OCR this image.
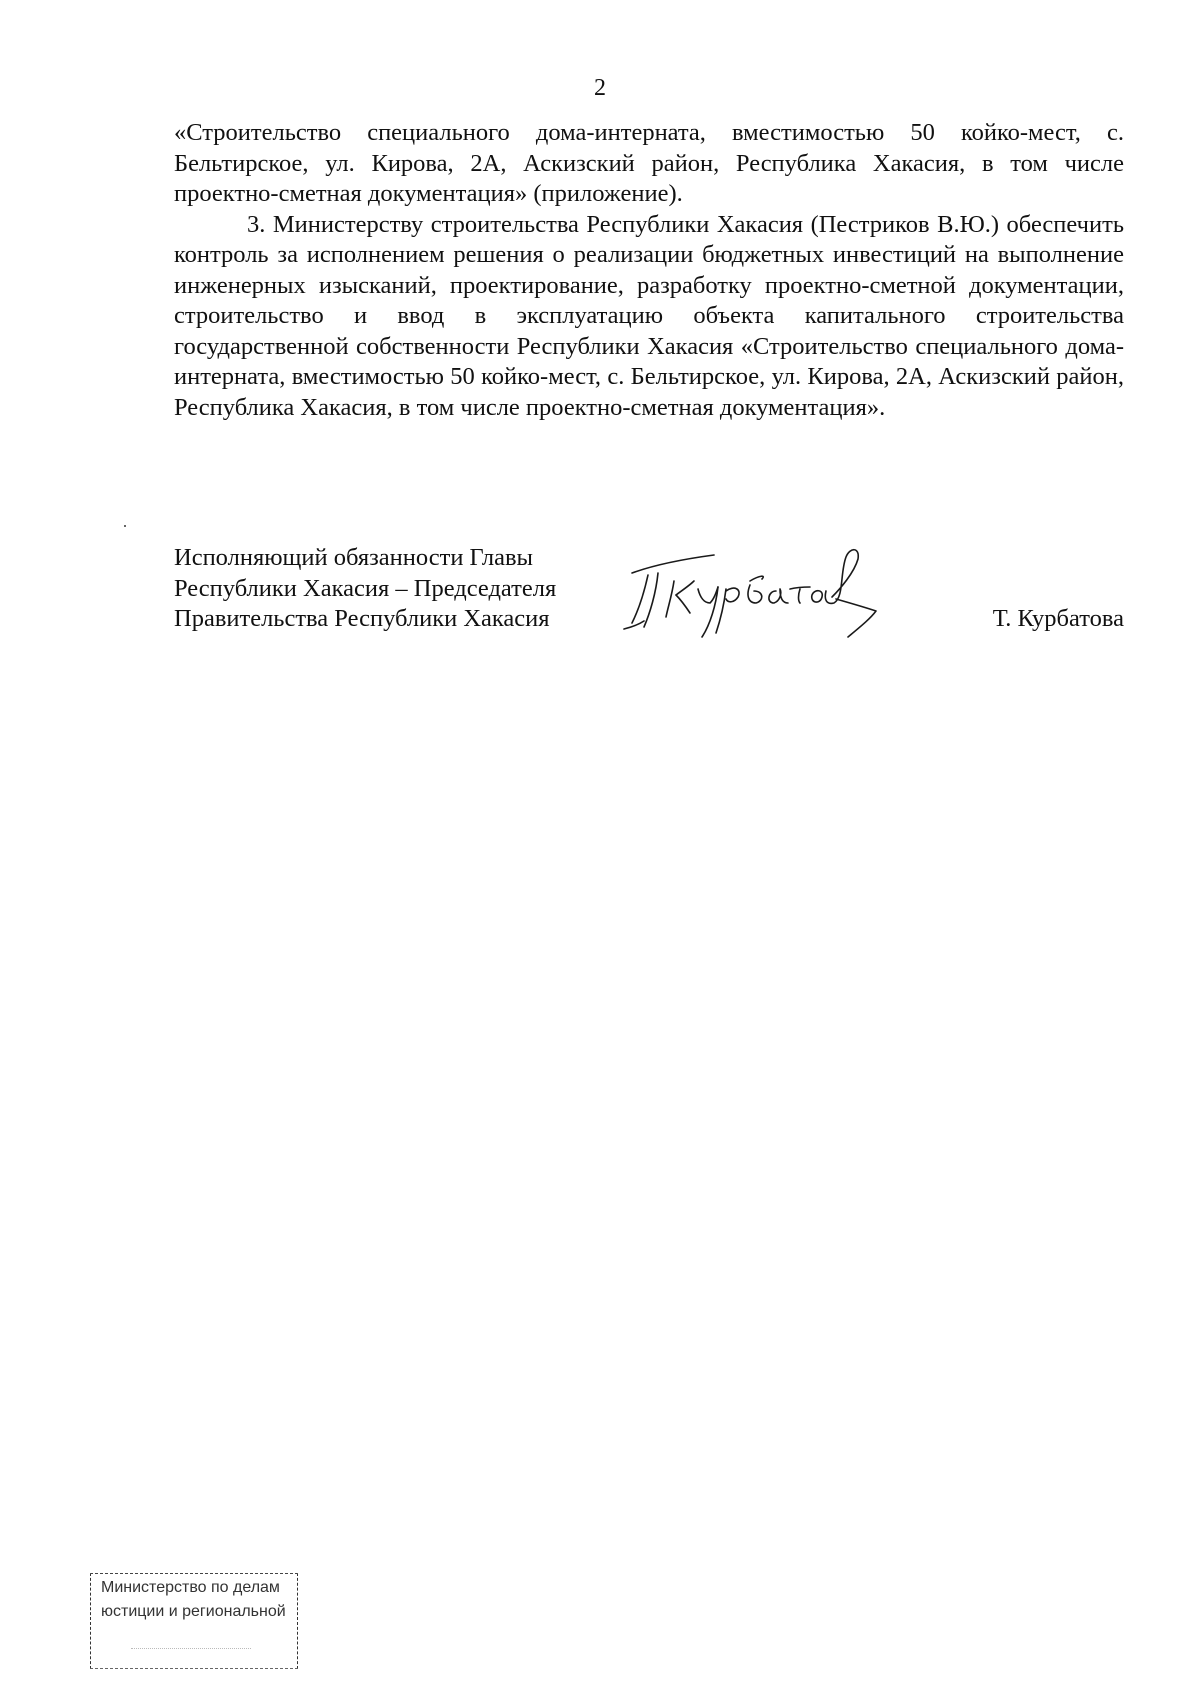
2

«Строительство специального дома-интерната, вместимостью 50 койко-мест, с. Бельтирское, ул. Кирова, 2А, Аскизский район, Республика Хакасия, в том числе проектно-сметная документация» (приложение).

3. Министерству строительства Республики Хакасия (Пестриков В.Ю.) обеспечить контроль за исполнением решения о реализации бюджетных инвестиций на выполнение инженерных изысканий, проектирование, разработку проектно-сметной документации, строительство и ввод в эксплуатацию объекта капитального строительства государственной собственности Республики Хакасия «Строительство специального дома-интерната, вместимостью 50 койко-мест, с. Бельтирское, ул. Кирова, 2А, Аскизский район, Республика Хакасия, в том числе проектно-сметная документация».

Исполняющий обязанности Главы
Республики Хакасия – Председателя
Правительства Республики Хакасия	Т. Курбатова
Министерство по делам
юстиции и региональной
